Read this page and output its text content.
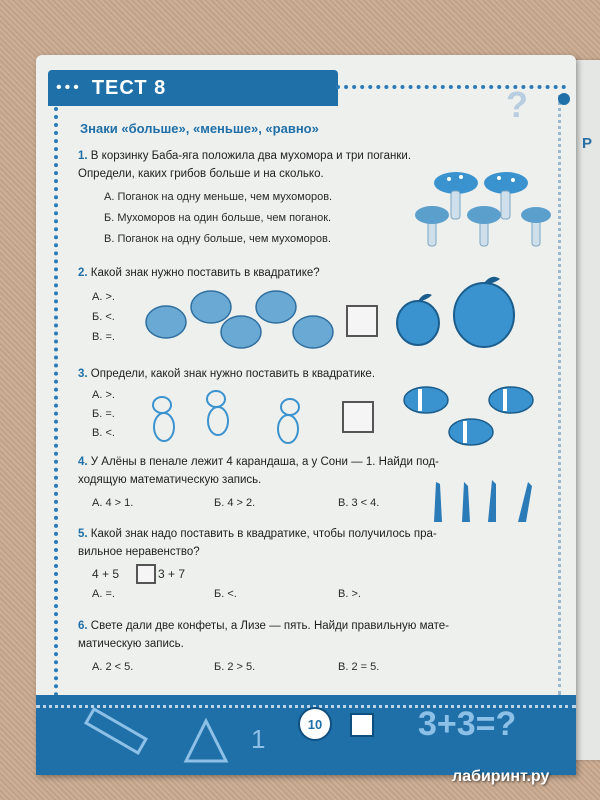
Р
••• ТЕСТ 8	?
Знаки «больше», «меньше», «равно»
1. В корзинку Баба-яга положила два мухомора и три поганки.
Определи, каких грибов больше и на сколько.
А. Поганок на одну меньше, чем мухоморов.
Б. Мухоморов на один больше, чем поганок.
В. Поганок на одну больше, чем мухоморов.
2. Какой знак нужно поставить в квадратике?
А. >.
Б. <.
В. =.
3. Определи, какой знак нужно поставить в квадратике.
А. >.
Б. =.
В. <.
4. У Алёны в пенале лежит 4 карандаша, а у Сони — 1. Найди под-
ходящую математическую запись.
А. 4 > 1.	Б. 4 > 2.	В. 3 < 4.
5. Какой знак надо поставить в квадратике, чтобы получилось пра-
вильное неравенство?
4 + 5	3 + 7
А. =.	Б. <.	В. >.
6. Свете дали две конфеты, а Лизе — пять. Найди правильную мате-
матическую запись.
А. 2 < 5.	Б. 2 > 5.	В. 2 = 5.
1	10	3+3=?
лабиринт.ру
